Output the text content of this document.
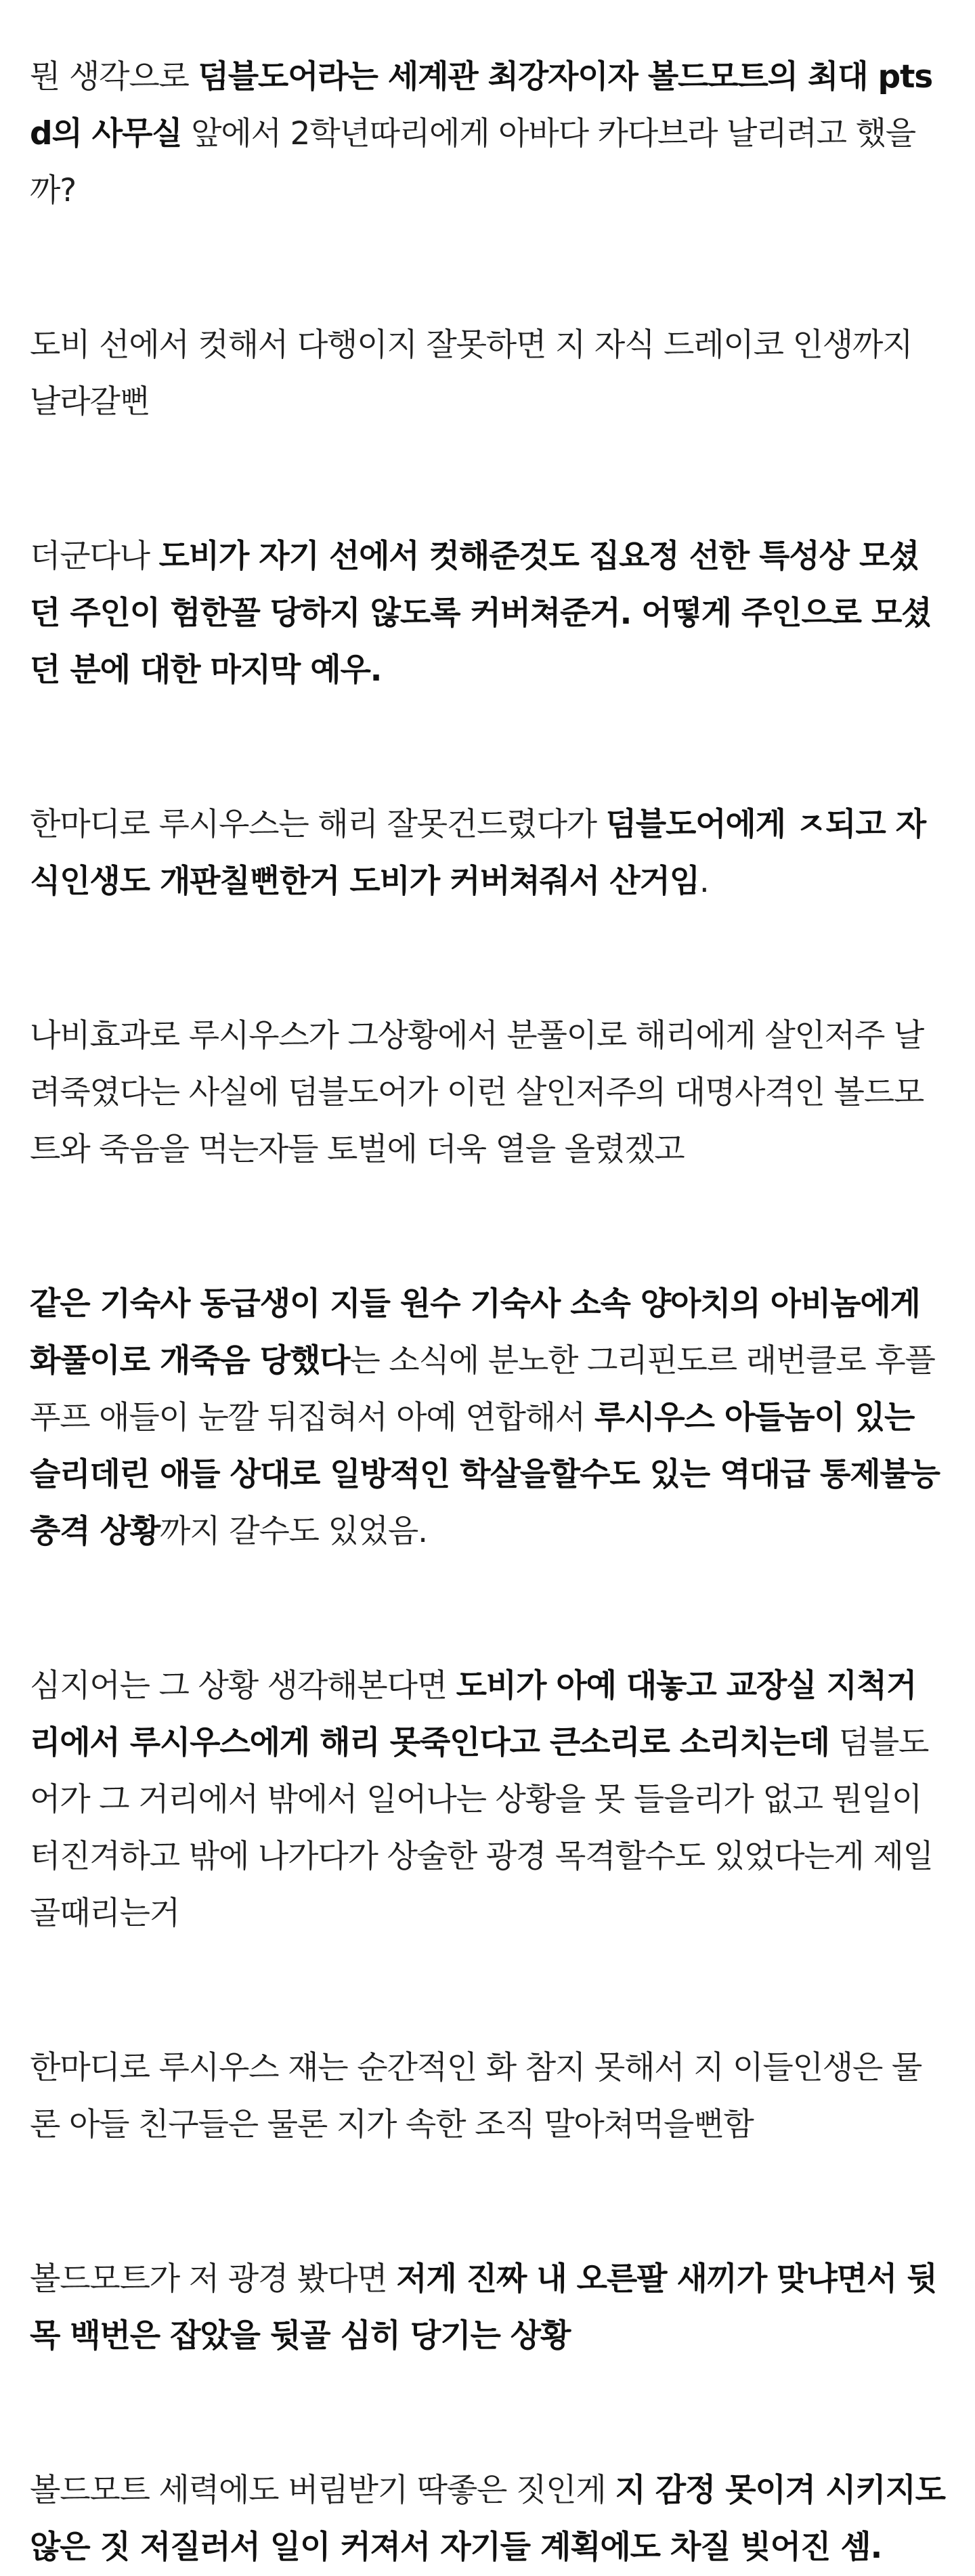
뭔 생각으로 덤블도어라는 세계관 최강자이자 볼드모트의 최대 ptsd의 사무실 앞에서 2학년따리에게 아바다 카다브라 날리려고 했을까?

도비 선에서 컷해서 다행이지 잘못하면 지 자식 드레이코 인생까지 날라갈뻔

더군다나 도비가 자기 선에서 컷해준것도 집요정 선한 특성상 모셨던 주인이 험한꼴 당하지 않도록 커버쳐준거. 어떻게 주인으로 모셨던 분에 대한 마지막 예우.

한마디로 루시우스는 해리 잘못건드렸다가 덤블도어에게 ㅈ되고 자식인생도 개판칠뻔한거 도비가 커버쳐줘서 산거임.

나비효과로 루시우스가 그상황에서 분풀이로 해리에게 살인저주 날려죽였다는 사실에 덤블도어가 이런 살인저주의 대명사격인 볼드모트와 죽음을 먹는자들 토벌에 더욱 열을 올렸겠고

같은 기숙사 동급생이 지들 원수 기숙사 소속 양아치의 아비놈에게 화풀이로 개죽음 당했다는 소식에 분노한 그리핀도르 래번클로 후플푸프 애들이 눈깔 뒤집혀서 아예 연합해서 루시우스 아들놈이 있는 슬리데린 애들 상대로 일방적인 학살을할수도 있는 역대급 통제불능 충격 상황까지 갈수도 있었음.

심지어는 그 상황 생각해본다면 도비가 아예 대놓고 교장실 지척거리에서 루시우스에게 해리 못죽인다고 큰소리로 소리치는데 덤블도어가 그 거리에서 밖에서 일어나는 상황을 못 들을리가 없고 뭔일이 터진겨하고 밖에 나가다가 상술한 광경 목격할수도 있었다는게 제일 골때리는거

한마디로 루시우스 쟤는 순간적인 화 참지 못해서 지 이들인생은 물론 아들 친구들은 물론 지가 속한 조직 말아쳐먹을뻔함

볼드모트가 저 광경 봤다면 저게 진짜 내 오른팔 새끼가 맞냐면서 뒷목 백번은 잡았을 뒷골 심히 당기는 상황

볼드모트 세력에도 버림받기 딱좋은 짓인게 지 감정 못이겨 시키지도 않은 짓 저질러서 일이 커져서 자기들 계획에도 차질 빚어진 셈.
